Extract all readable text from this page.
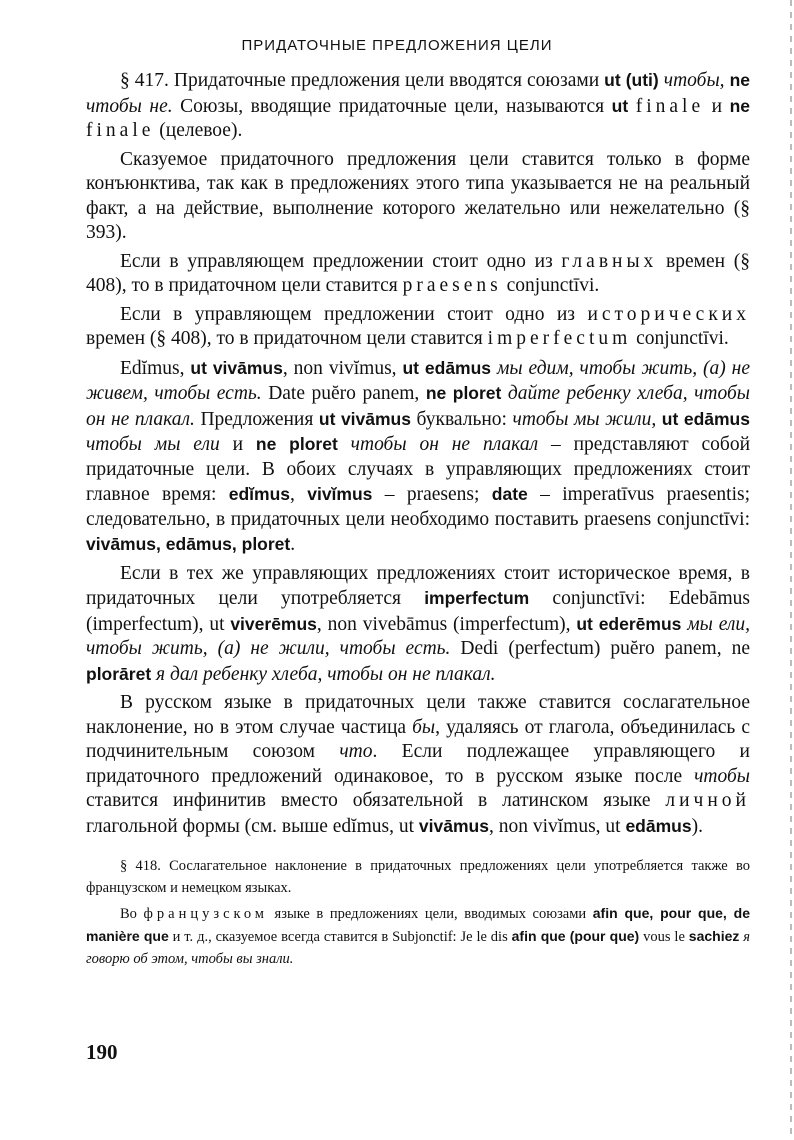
ПРИДАТОЧНЫЕ ПРЕДЛОЖЕНИЯ ЦЕЛИ

§ 417. Придаточные предложения цели вводятся союзами ut (uti) чтобы, ne чтобы не. Союзы, вводящие придаточные цели, называются ut finale и ne finale (целевое).

Сказуемое придаточного предложения цели ставится только в форме конъюнктива, так как в предложениях этого типа указывается не на реальный факт, а на действие, выполнение которого желательно или нежелательно (§ 393).

Если в управляющем предложении стоит одно из главных времен (§ 408), то в придаточном цели ставится praesens conjunctīvi.

Если в управляющем предложении стоит одно из исторических времен (§ 408), то в придаточном цели ставится imperfectum conjunctīvi.

Edĭmus, ut vivāmus, non vivĭmus, ut edāmus мы едим, чтобы жить, (а) не живем, чтобы есть. Date puĕro panem, ne ploret дайте ребенку хлеба, чтобы он не плакал. Предложения ut vivāmus буквально: чтобы мы жили, ut edāmus чтобы мы ели и ne ploret чтобы он не плакал – представляют собой придаточные цели. В обоих случаях в управляющих предложениях стоит главное время: edĭmus, vivĭmus – praesens; date – imperatīvus praesentis; следовательно, в придаточных цели необходимо поставить praesens conjunctīvi: vivāmus, edāmus, ploret.

Если в тех же управляющих предложениях стоит историческое время, в придаточных цели употребляется imperfectum conjunctīvi: Edebāmus (imperfectum), ut viverēmus, non vivebāmus (imperfectum), ut ederēmus мы ели, чтобы жить, (а) не жили, чтобы есть. Dedi (perfectum) puĕro panem, ne plorāret я дал ребенку хлеба, чтобы он не плакал.

В русском языке в придаточных цели также ставится сослагательное наклонение, но в этом случае частица бы, удаляясь от глагола, объединилась с подчинительным союзом что. Если подлежащее управляющего и придаточного предложений одинаковое, то в русском языке после чтобы ставится инфинитив вместо обязательной в латинском языке личной глагольной формы (см. выше edĭmus, ut vivāmus, non vivĭmus, ut edāmus).

§ 418. Сослагательное наклонение в придаточных предложениях цели употребляется также во французском и немецком языках.

Во французском языке в предложениях цели, вводимых союзами afin que, pour que, de manière que и т. д., сказуемое всегда ставится в Subjonctif: Je le dis afin que (pour que) vous le sachiez я говорю об этом, чтобы вы знали.

190
